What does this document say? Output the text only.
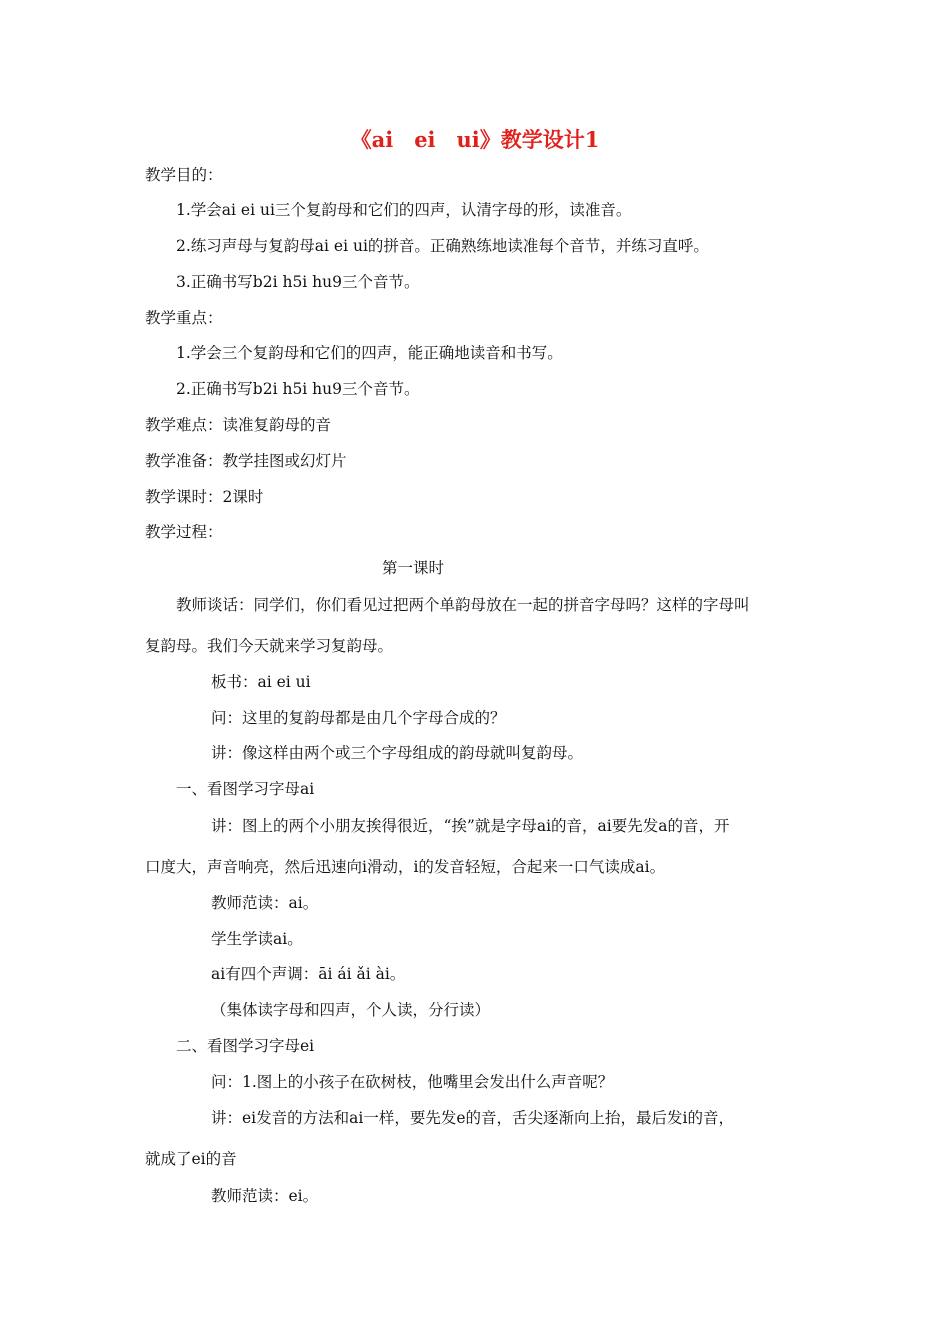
《ai　ei　ui》教学设计1
教学目的：
1.学会ai ei ui三个复韵母和它们的四声，认清字母的形，读准音。
2.练习声母与复韵母ai ei ui的拼音。正确熟练地读准每个音节，并练习直呼。
3.正确书写b2i h5i hu9三个音节。
教学重点：
1.学会三个复韵母和它们的四声，能正确地读音和书写。
2.正确书写b2i h5i hu9三个音节。
教学难点：读准复韵母的音
教学准备：教学挂图或幻灯片
教学课时：2课时
教学过程：
第一课时
教师谈话：同学们，你们看见过把两个单韵母放在一起的拼音字母吗？这样的字母叫
复韵母。我们今天就来学习复韵母。
板书：ai ei ui
问：这里的复韵母都是由几个字母合成的？
讲：像这样由两个或三个字母组成的韵母就叫复韵母。
一、看图学习字母ai
讲：图上的两个小朋友挨得很近，“挨”就是字母ai的音，ai要先发a的音，开
口度大，声音响亮，然后迅速向i滑动，i的发音轻短，合起来一口气读成ai。
教师范读：ai。
学生学读ai。
ai有四个声调：āi ái ǎi ài。
（集体读字母和四声，个人读，分行读）
二、看图学习字母ei
问：1.图上的小孩子在砍树枝，他嘴里会发出什么声音呢？
讲：ei发音的方法和ai一样，要先发e的音，舌尖逐渐向上抬，最后发i的音，
就成了ei的音
教师范读：ei。
